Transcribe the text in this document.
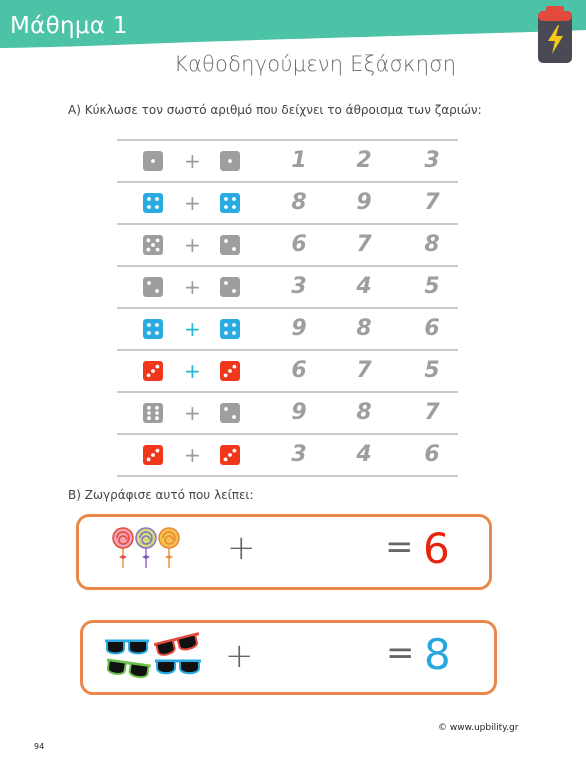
Μάθημα 1
Καθοδηγούμενη Εξάσκηση
Α) Κύκλωσε τον σωστό αριθμό που δείχνει το άθροισμα των ζαριών:
+	1	2	3
+	8	9	7
+	6	7	8
+	3	4	5
+	9	8	6
+	6	7	5
+	9	8	7
+	3	4	6
Β) Ζωγράφισε αυτό που λείπει:
+	= 6
+	= 8
© www.upbility.gr
94
